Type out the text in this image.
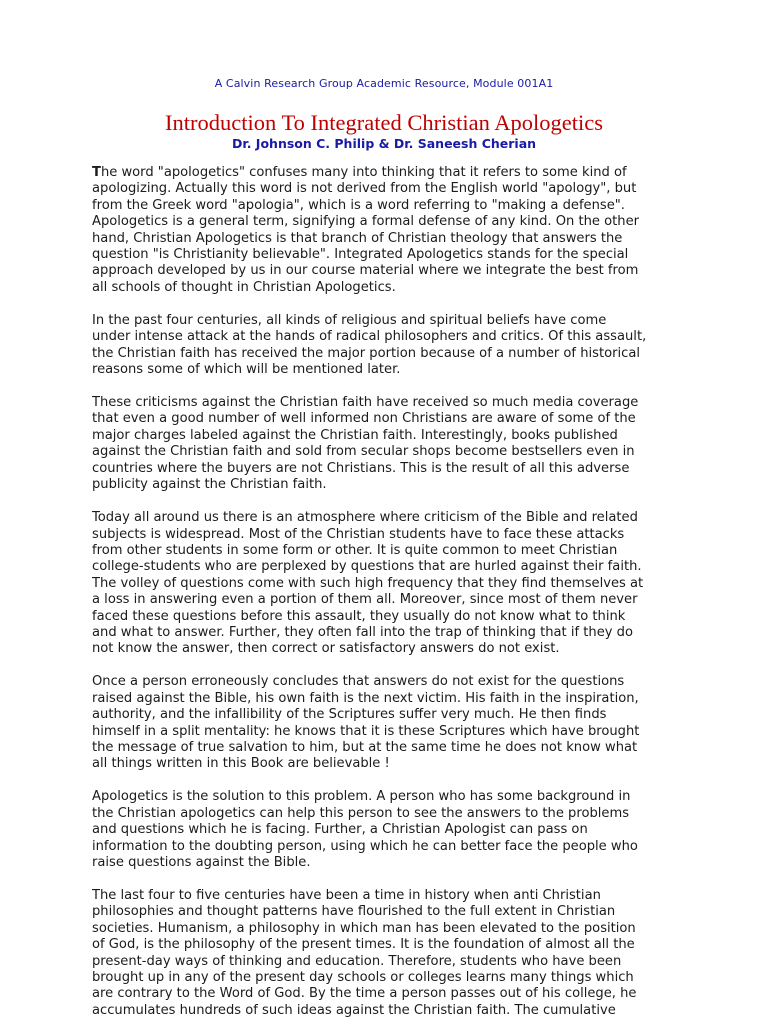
A Calvin Research Group Academic Resource, Module 001A1
Introduction To Integrated Christian Apologetics
Dr. Johnson C. Philip & Dr. Saneesh Cherian

The word "apologetics" confuses many into thinking that it refers to some kind of
apologizing. Actually this word is not derived from the English world "apology", but
from the Greek word "apologia", which is a word referring to "making a defense".
Apologetics is a general term, signifying a formal defense of any kind. On the other
hand, Christian Apologetics is that branch of Christian theology that answers the
question "is Christianity believable". Integrated Apologetics stands for the special
approach developed by us in our course material where we integrate the best from
all schools of thought in Christian Apologetics.

In the past four centuries, all kinds of religious and spiritual beliefs have come
under intense attack at the hands of radical philosophers and critics. Of this assault,
the Christian faith has received the major portion because of a number of historical
reasons some of which will be mentioned later.

These criticisms against the Christian faith have received so much media coverage
that even a good number of well informed non Christians are aware of some of the
major charges labeled against the Christian faith. Interestingly, books published
against the Christian faith and sold from secular shops become bestsellers even in
countries where the buyers are not Christians. This is the result of all this adverse
publicity against the Christian faith.

Today all around us there is an atmosphere where criticism of the Bible and related
subjects is widespread. Most of the Christian students have to face these attacks
from other students in some form or other. It is quite common to meet Christian
college-students who are perplexed by questions that are hurled against their faith.
The volley of questions come with such high frequency that they find themselves at
a loss in answering even a portion of them all. Moreover, since most of them never
faced these questions before this assault, they usually do not know what to think
and what to answer. Further, they often fall into the trap of thinking that if they do
not know the answer, then correct or satisfactory answers do not exist.

Once a person erroneously concludes that answers do not exist for the questions
raised against the Bible, his own faith is the next victim. His faith in the inspiration,
authority, and the infallibility of the Scriptures suffer very much. He then finds
himself in a split mentality: he knows that it is these Scriptures which have brought
the message of true salvation to him, but at the same time he does not know what
all things written in this Book are believable !

Apologetics is the solution to this problem. A person who has some background in
the Christian apologetics can help this person to see the answers to the problems
and questions which he is facing. Further, a Christian Apologist can pass on
information to the doubting person, using which he can better face the people who
raise questions against the Bible.

The last four to five centuries have been a time in history when anti Christian
philosophies and thought patterns have flourished to the full extent in Christian
societies. Humanism, a philosophy in which man has been elevated to the position
of God, is the philosophy of the present times. It is the foundation of almost all the
present-day ways of thinking and education. Therefore, students who have been
brought up in any of the present day schools or colleges learns many things which
are contrary to the Word of God. By the time a person passes out of his college, he
accumulates hundreds of such ideas against the Christian faith. The cumulative
